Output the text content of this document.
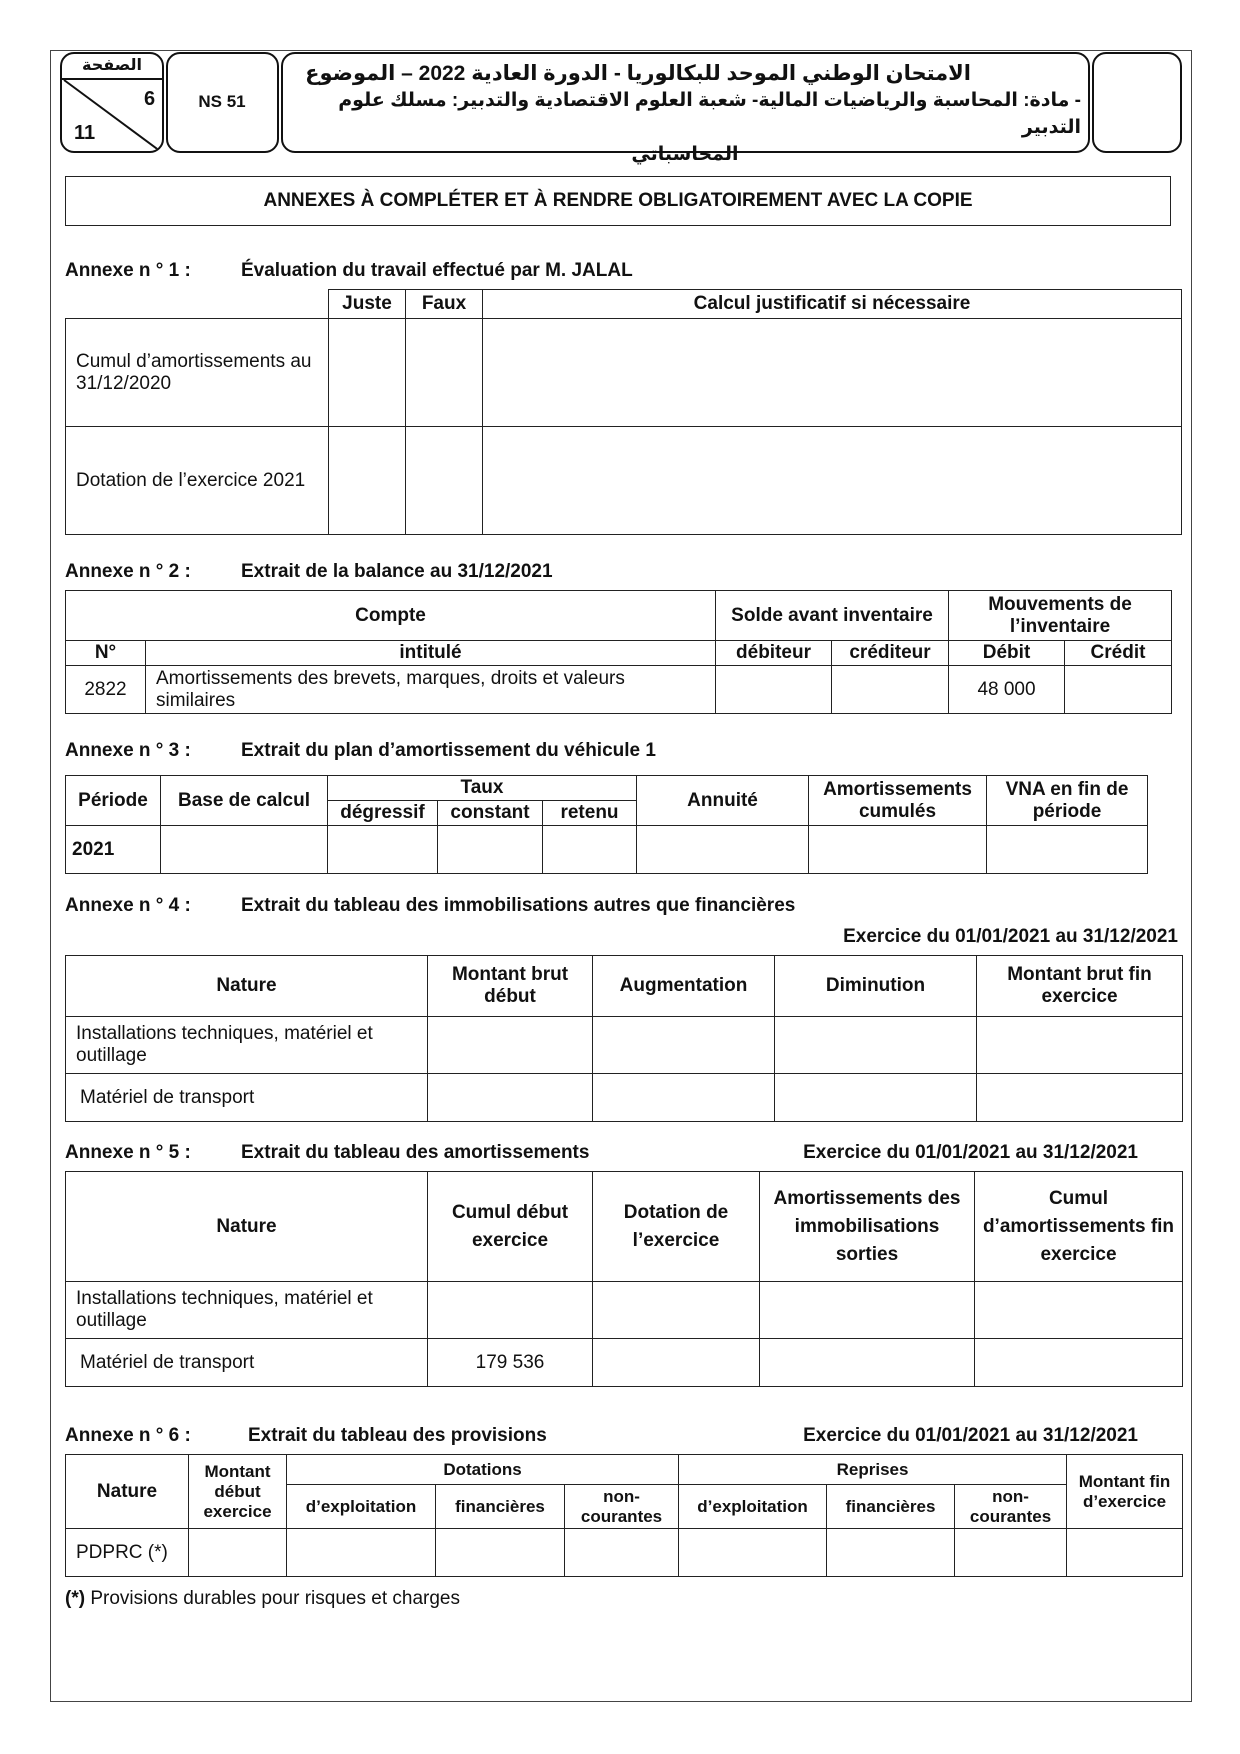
الصفحة
6
11
NS 51
الامتحان الوطني الموحد للبكالوريا - الدورة العادية 2022 – الموضوع
- مادة: المحاسبة والرياضيات المالية- شعبة العلوم الاقتصادية والتدبير: مسلك علوم التدبير
المحاسباتي
ANNEXES À COMPLÉTER ET À RENDRE OBLIGATOIREMENT AVEC LA COPIE
Annexe n ° 1 :	Évaluation du travail effectué par M. JALAL
	Juste	Faux	Calcul justificatif si nécessaire
Cumul d’amortissements au 31/12/2020			
Dotation de l’exercice 2021			
Annexe n ° 2 :	Extrait de la balance au 31/12/2021
Compte		Solde avant inventaire		Mouvements de l’inventaire	
N°	intitulé	débiteur	créditeur	Débit	Crédit
2822	Amortissements des brevets, marques, droits et valeurs similaires			48 000	
Annexe n ° 3 :	Extrait du plan d’amortissement du véhicule 1
Période	Base de calcul	Taux			Annuité	Amortissements cumulés	VNA en fin de période
		dégressif	constant	retenu			
2021							
Annexe n ° 4 :	Extrait du tableau des immobilisations autres que financières
Exercice du 01/01/2021 au 31/12/2021
Nature	Montant brut début	Augmentation	Diminution	Montant brut fin exercice
Installations techniques, matériel et outillage				
Matériel de transport				
Annexe n ° 5 :	Extrait du tableau des amortissements	Exercice du 01/01/2021 au 31/12/2021
Nature	Cumul début exercice	Dotation de l’exercice	Amortissements des immobilisations sorties	Cumul d’amortissements fin exercice
Installations techniques, matériel et outillage				
Matériel de transport	179 536			
Annexe n ° 6 :	Extrait du tableau des provisions	Exercice du 01/01/2021 au 31/12/2021
Nature	Montant début exercice	Dotations			Reprises			Montant fin d’exercice
		d’exploitation	financières	non-courantes	d’exploitation	financières	non-courantes	
PDPRC (*)								
(*) Provisions durables pour risques et charges
